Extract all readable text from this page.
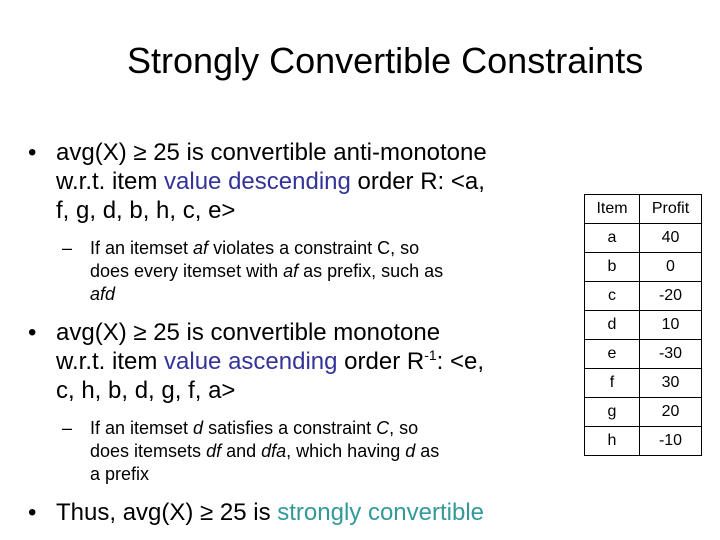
Strongly Convertible Constraints
• avg(X) ≥ 25 is convertible anti-monotone
w.r.t. item value descending order R: <a,
f, g, d, b, h, c, e>
– If an itemset af violates a constraint C, so
does every itemset with af as prefix, such as
afd
• avg(X) ≥ 25 is convertible monotone
w.r.t. item value ascending order $R^{-1}$: <e,
c, h, b, d, g, f, a>
– If an itemset d satisfies a constraint C, so
does itemsets df and dfa, which having d as
a prefix
• Thus, avg(X) ≥ 25 is strongly convertible
Item	Profit
a	40
b	0
c	-20
d	10
e	-30
f	30
g	20
h	-10
